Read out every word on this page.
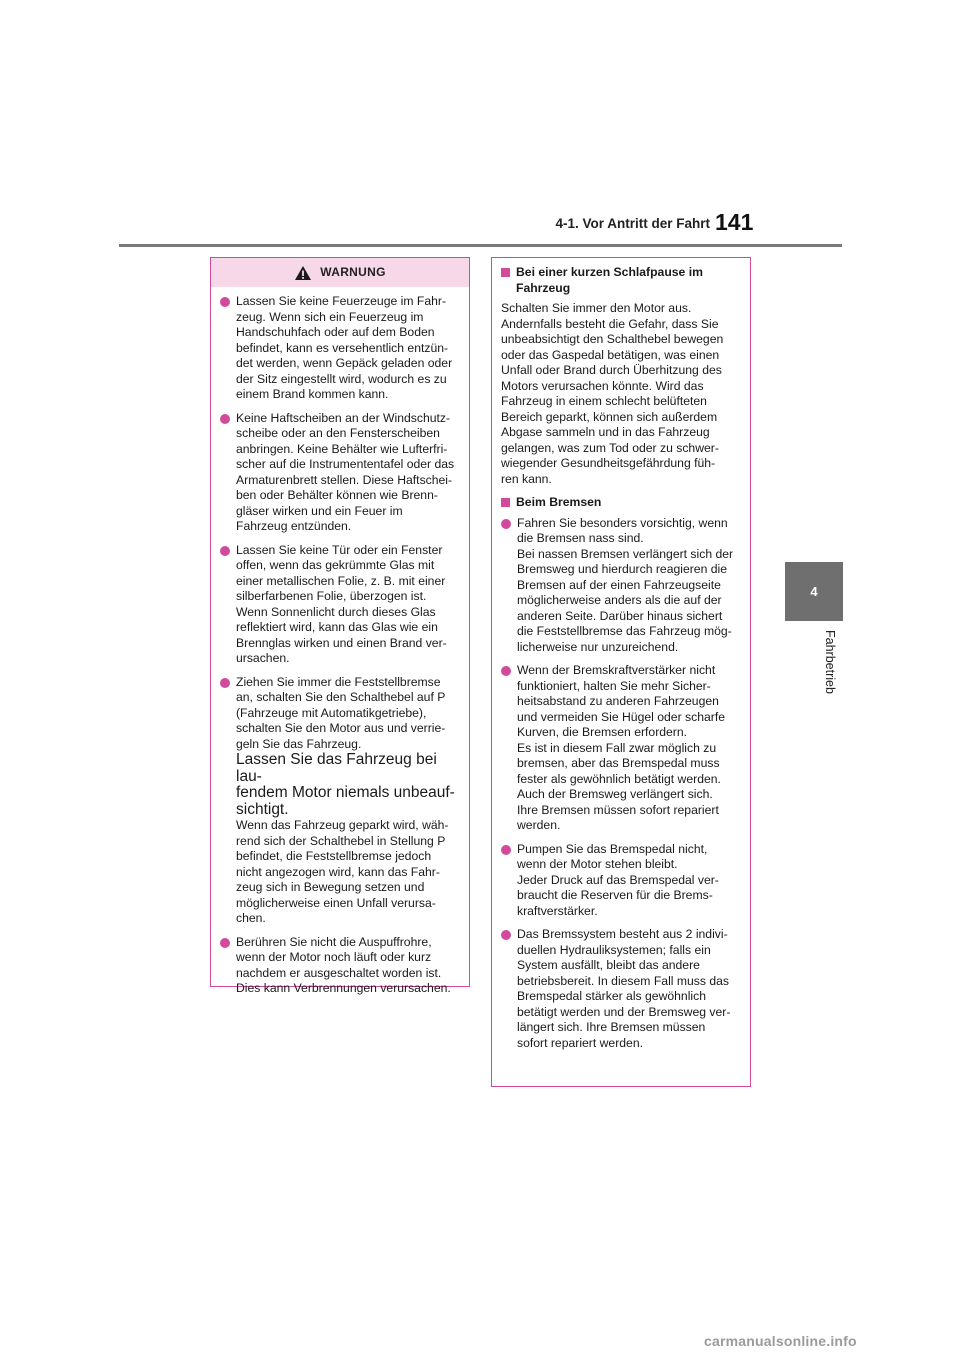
4-1. Vor Antritt der Fahrt 141
4
Fahrbetrieb
WARNUNG

Lassen Sie keine Feuerzeuge im Fahr-
zeug. Wenn sich ein Feuerzeug im
Handschuhfach oder auf dem Boden
befindet, kann es versehentlich entzün-
det werden, wenn Gepäck geladen oder
der Sitz eingestellt wird, wodurch es zu
einem Brand kommen kann.

Keine Haftscheiben an der Windschutz-
scheibe oder an den Fensterscheiben
anbringen. Keine Behälter wie Lufterfri-
scher auf die Instrumententafel oder das
Armaturenbrett stellen. Diese Haftschei-
ben oder Behälter können wie Brenn-
gläser wirken und ein Feuer im
Fahrzeug entzünden.

Lassen Sie keine Tür oder ein Fenster
offen, wenn das gekrümmte Glas mit
einer metallischen Folie, z. B. mit einer
silberfarbenen Folie, überzogen ist.
Wenn Sonnenlicht durch dieses Glas
reflektiert wird, kann das Glas wie ein
Brennglas wirken und einen Brand ver-
ursachen.

Ziehen Sie immer die Feststellbremse
an, schalten Sie den Schalthebel auf P
(Fahrzeuge mit Automatikgetriebe),
schalten Sie den Motor aus und verrie-
geln Sie das Fahrzeug.

Lassen Sie das Fahrzeug bei lau-
fendem Motor niemals unbeauf-
sichtigt.

Wenn das Fahrzeug geparkt wird, wäh-
rend sich der Schalthebel in Stellung P
befindet, die Feststellbremse jedoch
nicht angezogen wird, kann das Fahr-
zeug sich in Bewegung setzen und
möglicherweise einen Unfall verursa-
chen.

Berühren Sie nicht die Auspuffrohre,
wenn der Motor noch läuft oder kurz
nachdem er ausgeschaltet worden ist.
Dies kann Verbrennungen verursachen.

Bei einer kurzen Schlafpause im
Fahrzeug

Schalten Sie immer den Motor aus.
Andernfalls besteht die Gefahr, dass Sie
unbeabsichtigt den Schalthebel bewegen
oder das Gaspedal betätigen, was einen
Unfall oder Brand durch Überhitzung des
Motors verursachen könnte. Wird das
Fahrzeug in einem schlecht belüfteten
Bereich geparkt, können sich außerdem
Abgase sammeln und in das Fahrzeug
gelangen, was zum Tod oder zu schwer-
wiegender Gesundheitsgefährdung füh-
ren kann.

Beim Bremsen

Fahren Sie besonders vorsichtig, wenn
die Bremsen nass sind.
Bei nassen Bremsen verlängert sich der
Bremsweg und hierdurch reagieren die
Bremsen auf der einen Fahrzeugseite
möglicherweise anders als die auf der
anderen Seite. Darüber hinaus sichert
die Feststellbremse das Fahrzeug mög-
licherweise nur unzureichend.

Wenn der Bremskraftverstärker nicht
funktioniert, halten Sie mehr Sicher-
heitsabstand zu anderen Fahrzeugen
und vermeiden Sie Hügel oder scharfe
Kurven, die Bremsen erfordern.
Es ist in diesem Fall zwar möglich zu
bremsen, aber das Bremspedal muss
fester als gewöhnlich betätigt werden.
Auch der Bremsweg verlängert sich.
Ihre Bremsen müssen sofort repariert
werden.

Pumpen Sie das Bremspedal nicht,
wenn der Motor stehen bleibt.
Jeder Druck auf das Bremspedal ver-
braucht die Reserven für die Brems-
kraftverstärker.

Das Bremssystem besteht aus 2 indivi-
duellen Hydrauliksystemen; falls ein
System ausfällt, bleibt das andere
betriebsbereit. In diesem Fall muss das
Bremspedal stärker als gewöhnlich
betätigt werden und der Bremsweg ver-
längert sich. Ihre Bremsen müssen
sofort repariert werden.

carmanualsonline.info
